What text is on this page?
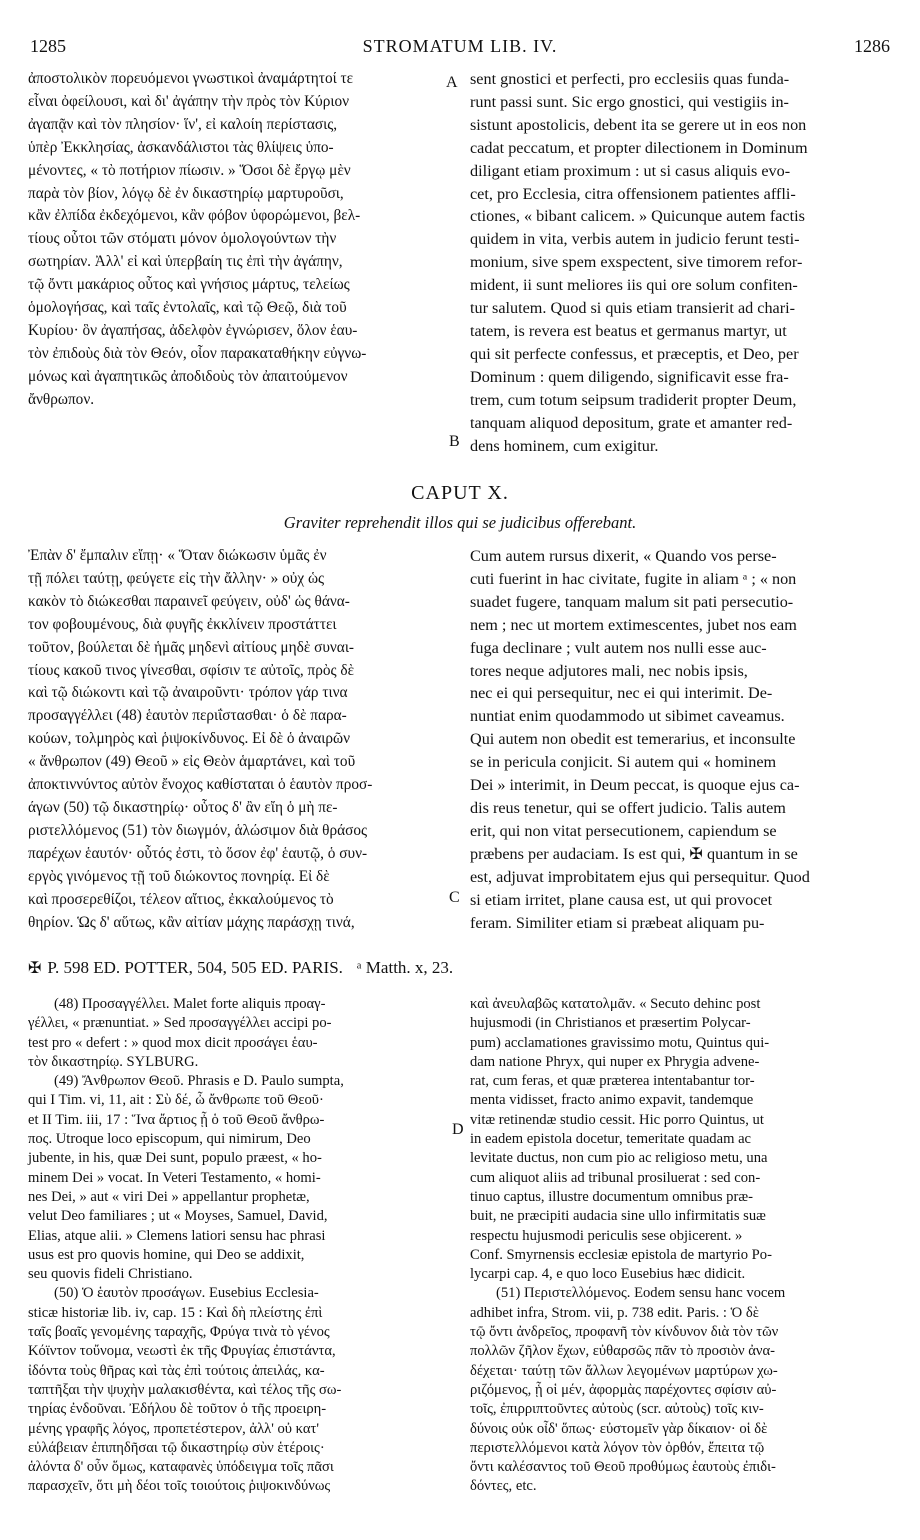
1285	STROMATUM LIB. IV.	1286

ἀποστολικὸν πορευόμενοι γνωστικοὶ ἀναμάρτητοί τε

εἶναι ὀφείλουσι, καὶ δι' ἀγάπην τὴν πρὸς τὸν Κύριον

ἀγαπᾷν καὶ τὸν πλησίον· ἵν', εἰ καλοίη περίστασις,

ὑπὲρ Ἐκκλησίας, ἀσκανδάλιστοι τὰς θλίψεις ὑπο-

μένοντες, « τὸ ποτήριον πίωσιν. » Ὅσοι δὲ ἔργῳ μὲν

παρὰ τὸν βίον, λόγῳ δὲ ἐν δικαστηρίῳ μαρτυροῦσι,

κἂν ἐλπίδα ἐκδεχόμενοι, κἂν φόβον ὑφορώμενοι, βελ-

τίους οὗτοι τῶν στόματι μόνον ὁμολογούντων τὴν

σωτηρίαν. Ἀλλ' εἰ καὶ ὑπερβαίη τις ἐπὶ τὴν ἀγάπην,

τῷ ὄντι μακάριος οὗτος καὶ γνήσιος μάρτυς, τελείως

ὁμολογήσας, καὶ ταῖς ἐντολαῖς, καὶ τῷ Θεῷ, διὰ τοῦ

Κυρίου· ὃν ἀγαπήσας, ἀδελφὸν ἐγνώρισεν, ὅλον ἑαυ-

τὸν ἐπιδοὺς διὰ τὸν Θεόν, οἷον παρακαταθήκην εὐγνω-

μόνως καὶ ἀγαπητικῶς ἀποδιδοὺς τὸν ἀπαιτούμενον

ἄνθρωπον.

A sent gnostici et perfecti, pro ecclesiis quas funda-

runt passi sunt. Sic ergo gnostici, qui vestigiis in-

sistunt apostolicis, debent ita se gerere ut in eos non

cadat peccatum, et propter dilectionem in Dominum

diligant etiam proximum : ut si casus aliquis evo-

cet, pro Ecclesia, citra offensionem patientes affli-

ctiones, « bibant calicem. » Quicunque autem factis

quidem in vita, verbis autem in judicio ferunt testi-

monium, sive spem exspectent, sive timorem refor-

mident, ii sunt meliores iis qui ore solum confiten-

tur salutem. Quod si quis etiam transierit ad chari-

tatem, is revera est beatus et germanus martyr, ut

qui sit perfecte confessus, et præceptis, et Deo, per

Dominum : quem diligendo, significavit esse fra-

trem, cum totum seipsum tradiderit propter Deum,

tanquam aliquod depositum, grate et amanter red-

dens hominem, cum exigitur.

B
CAPUT X.
Graviter reprehendit illos qui se judicibus offerebant.

Ἐπὰν δ' ἔμπαλιν εἴπῃ· « Ὅταν διώκωσιν ὑμᾶς ἐν

τῇ πόλει ταύτῃ, φεύγετε εἰς τὴν ἄλλην· » οὐχ ὡς

κακὸν τὸ διώκεσθαι παραινεῖ φεύγειν, οὐδ' ὡς θάνα-

τον φοβουμένους, διὰ φυγῆς ἐκκλίνειν προστάττει

τοῦτον, βούλεται δὲ ἡμᾶς μηδενὶ αἰτίους μηδὲ συναι-

τίους κακοῦ τινος γίνεσθαι, σφίσιν τε αὐτοῖς, πρὸς δὲ

καὶ τῷ διώκοντι καὶ τῷ ἀναιροῦντι· τρόπον γάρ τινα

προσαγγέλλει (48) ἑαυτὸν περιΐστασθαι· ὁ δὲ παρα-

κούων, τολμηρὸς καὶ ῥιψοκίνδυνος. Εἰ δὲ ὁ ἀναιρῶν

« ἄνθρωπον (49) Θεοῦ » εἰς Θεὸν ἁμαρτάνει, καὶ τοῦ

ἀποκτιννύντος αὐτὸν ἔνοχος καθίσταται ὁ ἑαυτὸν προσ-

άγων (50) τῷ δικαστηρίῳ· οὗτος δ' ἂν εἴη ὁ μὴ πε-

ριστελλόμενος (51) τὸν διωγμόν, ἁλώσιμον διὰ θράσος

παρέχων ἑαυτόν· οὗτός ἐστι, τὸ ὅσον ἐφ' ἑαυτῷ, ὁ συν-

εργὸς γινόμενος τῇ τοῦ διώκοντος πονηρίᾳ. Εἰ δὲ

καὶ προσερεθίζοι, τέλεον αἴτιος, ἐκκαλούμενος τὸ

θηρίον. Ὡς δ' αὕτως, κἂν αἰτίαν μάχης παράσχῃ τινά,

C

Cum autem rursus dixerit, « Quando vos perse-

cuti fuerint in hac civitate, fugite in aliam ᵃ ; « non

suadet fugere, tanquam malum sit pati persecutio-

nem ; nec ut mortem extimescentes, jubet nos eam

fuga declinare ; vult autem nos nulli esse auc-

tores neque adjutores mali, nec nobis ipsis,

nec ei qui persequitur, nec ei qui interimit. De-

nuntiat enim quodammodo ut sibimet caveamus.

Qui autem non obedit est temerarius, et inconsulte

se in pericula conjicit. Si autem qui « hominem

Dei » interimit, in Deum peccat, is quoque ejus ca-

dis reus tenetur, qui se offert judicio. Talis autem

erit, qui non vitat persecutionem, capiendum se

præbens per audaciam. Is est qui, ✠ quantum in se

est, adjuvat improbitatem ejus qui persequitur. Quod

si etiam irritet, plane causa est, ut qui provocet

feram. Similiter etiam si præbeat aliquam pu-

✠ P. 598 ED. POTTER, 504, 505 ED. PARIS. ᵃ Matth. x, 23.

(48) Προσαγγέλλει. Malet forte aliquis προαγ-

γέλλει, « prænuntiat. » Sed προσαγγέλλει accipi po-

test pro « defert : » quod mox dicit προσάγει ἑαυ-

τὸν δικαστηρίῳ. SYLBURG.

(49) Ἄνθρωπον Θεοῦ. Phrasis e D. Paulo sumpta,

qui I Tim. vi, 11, ait : Σὺ δέ, ὦ ἄνθρωπε τοῦ Θεοῦ·

et II Tim. iii, 17 : Ἵνα ἄρτιος ᾖ ὁ τοῦ Θεοῦ ἄνθρω-

πος. Utroque loco episcopum, qui nimirum, Deo

jubente, in his, quæ Dei sunt, populo præest, « ho-

minem Dei » vocat. In Veteri Testamento, « homi-

nes Dei, » aut « viri Dei » appellantur prophetæ,

velut Deo familiares ; ut « Moyses, Samuel, David,

Elias, atque alii. » Clemens latiori sensu hac phrasi

usus est pro quovis homine, qui Deo se addixit,

seu quovis fideli Christiano.

(50) Ὁ ἑαυτὸν προσάγων. Eusebius Ecclesia-

sticæ historiæ lib. iv, cap. 15 : Καὶ δὴ πλείστης ἐπὶ

ταῖς βοαῖς γενομένης ταραχῆς, Φρύγα τινὰ τὸ γένος

Κόϊντον τοὔνομα, νεωστὶ ἐκ τῆς Φρυγίας ἐπιστάντα,

ἰδόντα τοὺς θῆρας καὶ τὰς ἐπὶ τούτοις ἀπειλάς, κα-

ταπτῆξαι τὴν ψυχὴν μαλακισθέντα, καὶ τέλος τῆς σω-

τηρίας ἐνδοῦναι. Ἐδήλου δὲ τοῦτον ὁ τῆς προειρη-

μένης γραφῆς λόγος, προπετέστερον, ἀλλ' οὐ κατ'

εὐλάβειαν ἐπιπηδῆσαι τῷ δικαστηρίῳ σὺν ἑτέροις·

ἁλόντα δ' οὖν ὅμως, καταφανὲς ὑπόδειγμα τοῖς πᾶσι

παρασχεῖν, ὅτι μὴ δέοι τοῖς τοιούτοις ῥιψοκινδύνως

D

καὶ ἀνευλαβῶς κατατολμᾶν. « Secuto dehinc post

hujusmodi (in Christianos et præsertim Polycar-

pum) acclamationes gravissimo motu, Quintus qui-

dam natione Phryx, qui nuper ex Phrygia advene-

rat, cum feras, et quæ præterea intentabantur tor-

menta vidisset, fracto animo expavit, tandemque

vitæ retinendæ studio cessit. Hic porro Quintus, ut

in eadem epistola docetur, temeritate quadam ac

levitate ductus, non cum pio ac religioso metu, una

cum aliquot aliis ad tribunal prosiluerat : sed con-

tinuo captus, illustre documentum omnibus præ-

buit, ne præcipiti audacia sine ullo infirmitatis suæ

respectu hujusmodi periculis sese objicerent. »

Conf. Smyrnensis ecclesiæ epistola de martyrio Po-

lycarpi cap. 4, e quo loco Eusebius hæc didicit.

(51) Περιστελλόμενος. Eodem sensu hanc vocem

adhibet infra, Strom. vii, p. 738 edit. Paris. : Ὁ δὲ

τῷ ὄντι ἀνδρεῖος, προφανῆ τὸν κίνδυνον διὰ τὸν τῶν

πολλῶν ζῆλον ἔχων, εὐθαρσῶς πᾶν τὸ προσιὸν ἀνα-

δέχεται· ταύτῃ τῶν ἄλλων λεγομένων μαρτύρων χω-

ριζόμενος, ᾗ οἱ μέν, ἀφορμὰς παρέχοντες σφίσιν αὐ-

τοῖς, ἐπιρριπτοῦντες αὐτοὺς (scr. αὐτοὺς) τοῖς κιν-

δύνοις οὐκ οἶδ' ὅπως· εὐστομεῖν γὰρ δίκαιον· οἱ δὲ

περιστελλόμενοι κατὰ λόγον τὸν ὀρθόν, ἔπειτα τῷ

ὄντι καλέσαντος τοῦ Θεοῦ προθύμως ἑαυτοὺς ἐπιδι-

δόντες, etc.
